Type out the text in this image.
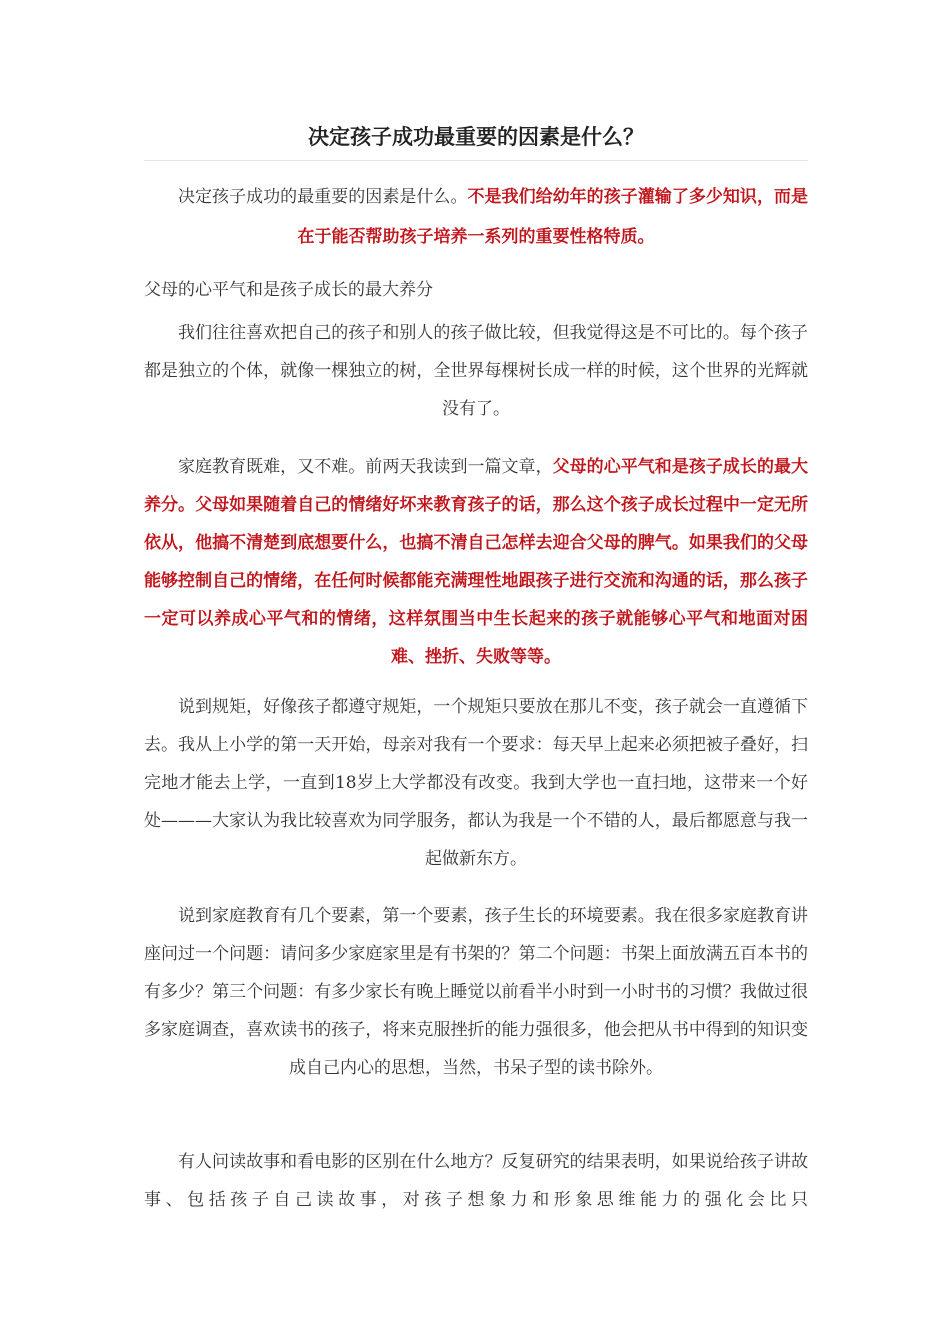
决定孩子成功最重要的因素是什么？

决定孩子成功的最重要的因素是什么。不是我们给幼年的孩子灌输了多少知识，而是在于能否帮助孩子培养一系列的重要性格特质。

父母的心平气和是孩子成长的最大养分

我们往往喜欢把自己的孩子和别人的孩子做比较，但我觉得这是不可比的。每个孩子都是独立的个体，就像一棵独立的树，全世界每棵树长成一样的时候，这个世界的光辉就没有了。

家庭教育既难，又不难。前两天我读到一篇文章，父母的心平气和是孩子成长的最大养分。父母如果随着自己的情绪好坏来教育孩子的话，那么这个孩子成长过程中一定无所依从，他搞不清楚到底想要什么，也搞不清自己怎样去迎合父母的脾气。如果我们的父母能够控制自己的情绪，在任何时候都能充满理性地跟孩子进行交流和沟通的话，那么孩子一定可以养成心平气和的情绪，这样氛围当中生长起来的孩子就能够心平气和地面对困难、挫折、失败等等。

说到规矩，好像孩子都遵守规矩，一个规矩只要放在那儿不变，孩子就会一直遵循下去。我从上小学的第一天开始，母亲对我有一个要求：每天早上起来必须把被子叠好，扫完地才能去上学，一直到18岁上大学都没有改变。我到大学也一直扫地，这带来一个好处———大家认为我比较喜欢为同学服务，都认为我是一个不错的人，最后都愿意与我一起做新东方。

说到家庭教育有几个要素，第一个要素，孩子生长的环境要素。我在很多家庭教育讲座问过一个问题：请问多少家庭家里是有书架的？第二个问题：书架上面放满五百本书的有多少？第三个问题：有多少家长有晚上睡觉以前看半小时到一小时书的习惯？我做过很多家庭调查，喜欢读书的孩子，将来克服挫折的能力强很多，他会把从书中得到的知识变成自己内心的思想，当然，书呆子型的读书除外。

有人问读故事和看电影的区别在什么地方？反复研究的结果表明，如果说给孩子讲故事、包括孩子自己读故事，对孩子想象力和形象思维能力的强化会比只
